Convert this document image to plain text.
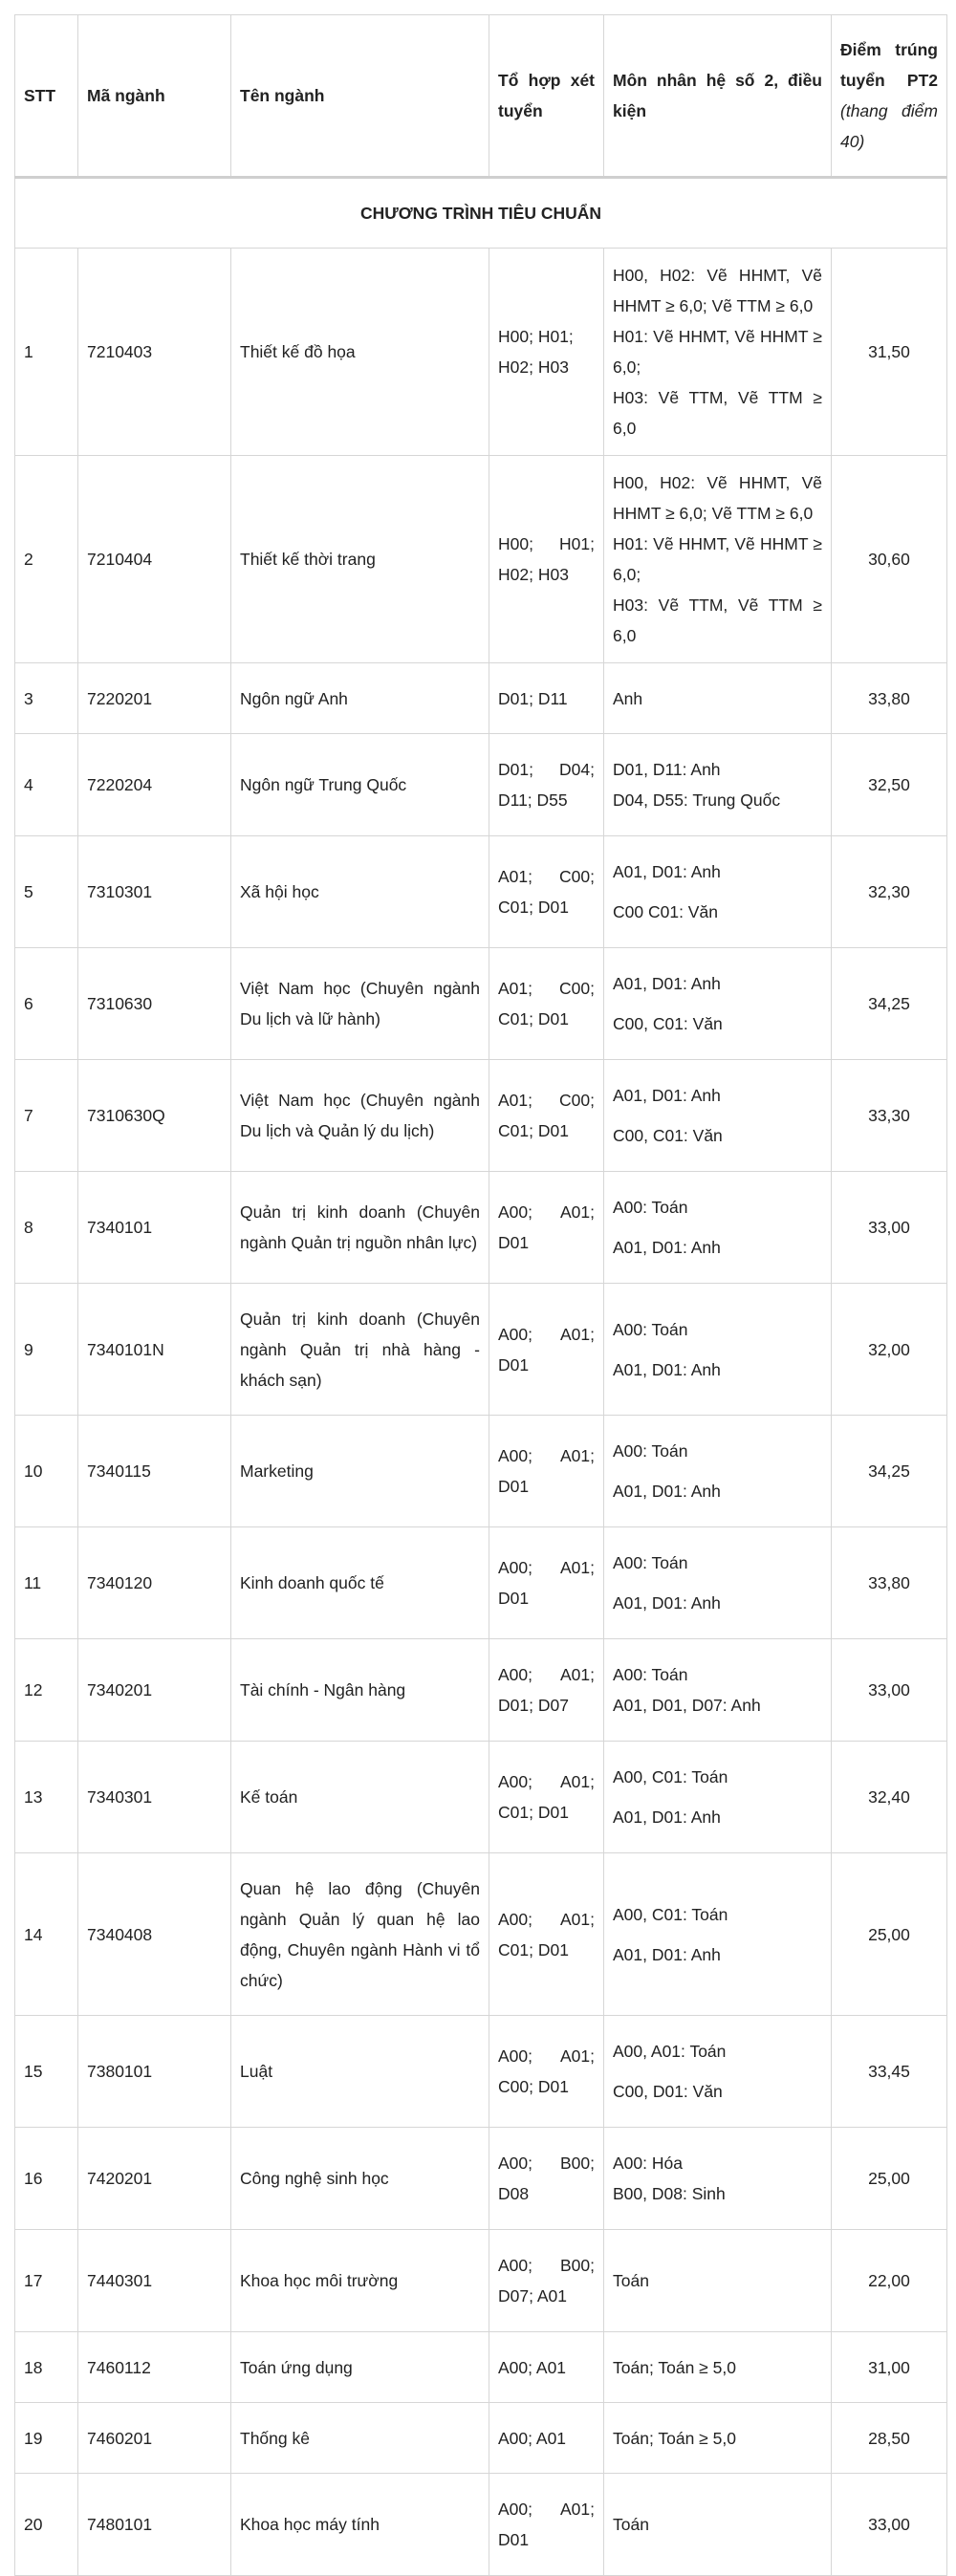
STT	Mã ngành	Tên ngành	Tổ hợp xét tuyển	Môn nhân hệ số 2, điều kiện	Điểm trúng tuyển PT2 (thang điểm 40)
CHƯƠNG TRÌNH TIÊU CHUẨN					
1	7210403	Thiết kế đồ họa	H00; H01;
H02; H03	H00, H02: Vẽ HHMT, Vẽ HHMT ≥ 6,0; Vẽ TTM ≥ 6,0
H01: Vẽ HHMT, Vẽ HHMT ≥ 6,0;
H03: Vẽ TTM, Vẽ TTM ≥ 6,0	31,50
2	7210404	Thiết kế thời trang	H00; H01; H02; H03	H00, H02: Vẽ HHMT, Vẽ HHMT ≥ 6,0; Vẽ TTM ≥ 6,0
H01: Vẽ HHMT, Vẽ HHMT ≥ 6,0;
H03: Vẽ TTM, Vẽ TTM ≥ 6,0	30,60
3	7220201	Ngôn ngữ Anh	D01; D11	Anh	33,80
4	7220204	Ngôn ngữ Trung Quốc	D01; D04; D11; D55	D01, D11: Anh
D04, D55: Trung Quốc	32,50
5	7310301	Xã hội học	A01; C00; C01; D01	A01, D01: Anh
C00 C01: Văn	32,30
6	7310630	Việt Nam học (Chuyên ngành Du lịch và lữ hành)	A01; C00; C01; D01	A01, D01: Anh
C00, C01: Văn	34,25
7	7310630Q	Việt Nam học (Chuyên ngành Du lịch và Quản lý du lịch)	A01; C00; C01; D01	A01, D01: Anh
C00, C01: Văn	33,30
8	7340101	Quản trị kinh doanh (Chuyên ngành Quản trị nguồn nhân lực)	A00; A01; D01	A00: Toán
A01, D01: Anh	33,00
9	7340101N	Quản trị kinh doanh (Chuyên ngành Quản trị nhà hàng - khách sạn)	A00; A01; D01	A00: Toán
A01, D01: Anh	32,00
10	7340115	Marketing	A00; A01; D01	A00: Toán
A01, D01: Anh	34,25
11	7340120	Kinh doanh quốc tế	A00; A01; D01	A00: Toán
A01, D01: Anh	33,80
12	7340201	Tài chính - Ngân hàng	A00; A01; D01; D07	A00: Toán
A01, D01, D07: Anh	33,00
13	7340301	Kế toán	A00; A01; C01; D01	A00, C01: Toán
A01, D01: Anh	32,40
14	7340408	Quan hệ lao động (Chuyên ngành Quản lý quan hệ lao động, Chuyên ngành Hành vi tổ chức)	A00; A01; C01; D01	A00, C01: Toán
A01, D01: Anh	25,00
15	7380101	Luật	A00; A01; C00; D01	A00, A01: Toán
C00, D01: Văn	33,45
16	7420201	Công nghệ sinh học	A00; B00; D08	A00: Hóa
B00, D08: Sinh	25,00
17	7440301	Khoa học môi trường	A00; B00; D07; A01	Toán	22,00
18	7460112	Toán ứng dụng	A00; A01	Toán; Toán ≥ 5,0	31,00
19	7460201	Thống kê	A00; A01	Toán; Toán ≥ 5,0	28,50
20	7480101	Khoa học máy tính	A00; A01; D01	Toán	33,00
